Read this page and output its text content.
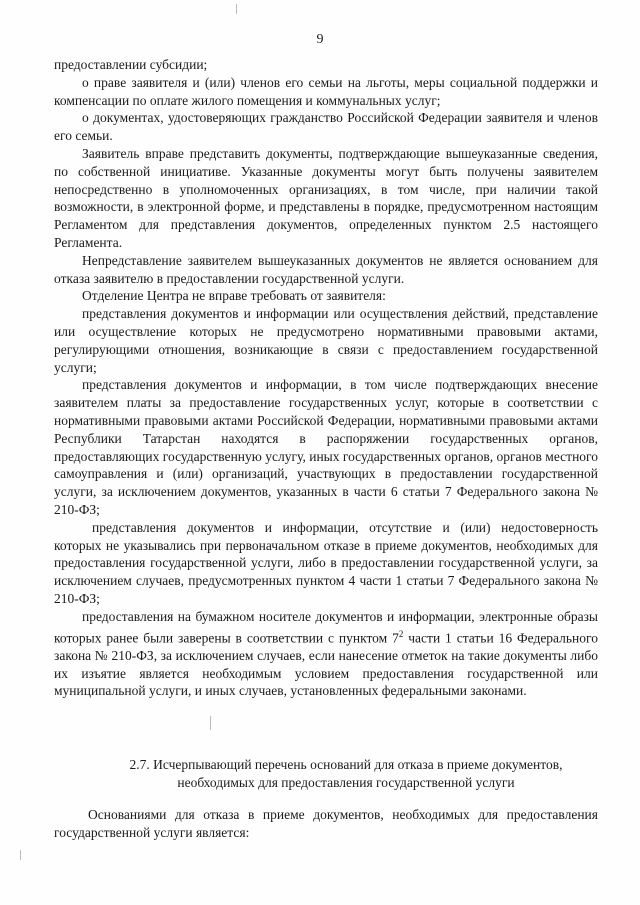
9

предоставлении субсидии;

о праве заявителя и (или) членов его семьи на льготы, меры социальной поддержки и компенсации по оплате жилого помещения и коммунальных услуг;

о документах, удостоверяющих гражданство Российской Федерации заявителя и членов его семьи.

Заявитель вправе представить документы, подтверждающие вышеуказанные сведения, по собственной инициативе. Указанные документы могут быть получены заявителем непосредственно в уполномоченных организациях, в том числе, при наличии такой возможности, в электронной форме, и представлены в порядке, предусмотренном настоящим Регламентом для представления документов, определенных пунктом 2.5 настоящего Регламента.

Непредставление заявителем вышеуказанных документов не является основанием для отказа заявителю в предоставлении государственной услуги.

Отделение Центра не вправе требовать от заявителя:

представления документов и информации или осуществления действий, представление или осуществление которых не предусмотрено нормативными правовыми актами, регулирующими отношения, возникающие в связи с предоставлением государственной услуги;

представления документов и информации, в том числе подтверждающих внесение заявителем платы за предоставление государственных услуг, которые в соответствии с нормативными правовыми актами Российской Федерации, нормативными правовыми актами Республики Татарстан находятся в распоряжении государственных органов, предоставляющих государственную услугу, иных государственных органов, органов местного самоуправления и (или) организаций, участвующих в предоставлении государственной услуги, за исключением документов, указанных в части 6 статьи 7 Федерального закона № 210-ФЗ;

представления документов и информации, отсутствие и (или) недостоверность которых не указывались при первоначальном отказе в приеме документов, необходимых для предоставления государственной услуги, либо в предоставлении государственной услуги, за исключением случаев, предусмотренных пунктом 4 части 1 статьи 7 Федерального закона № 210-ФЗ;

предоставления на бумажном носителе документов и информации, электронные образы которых ранее были заверены в соответствии с пунктом $7^2$ части 1 статьи 16 Федерального закона № 210-ФЗ, за исключением случаев, если нанесение отметок на такие документы либо их изъятие является необходимым условием предоставления государственной или муниципальной услуги, и иных случаев, установленных федеральными законами.

2.7. Исчерпывающий перечень оснований для отказа в приеме документов,
необходимых для предоставления государственной услуги

Основаниями для отказа в приеме документов, необходимых для предоставления государственной услуги является:
